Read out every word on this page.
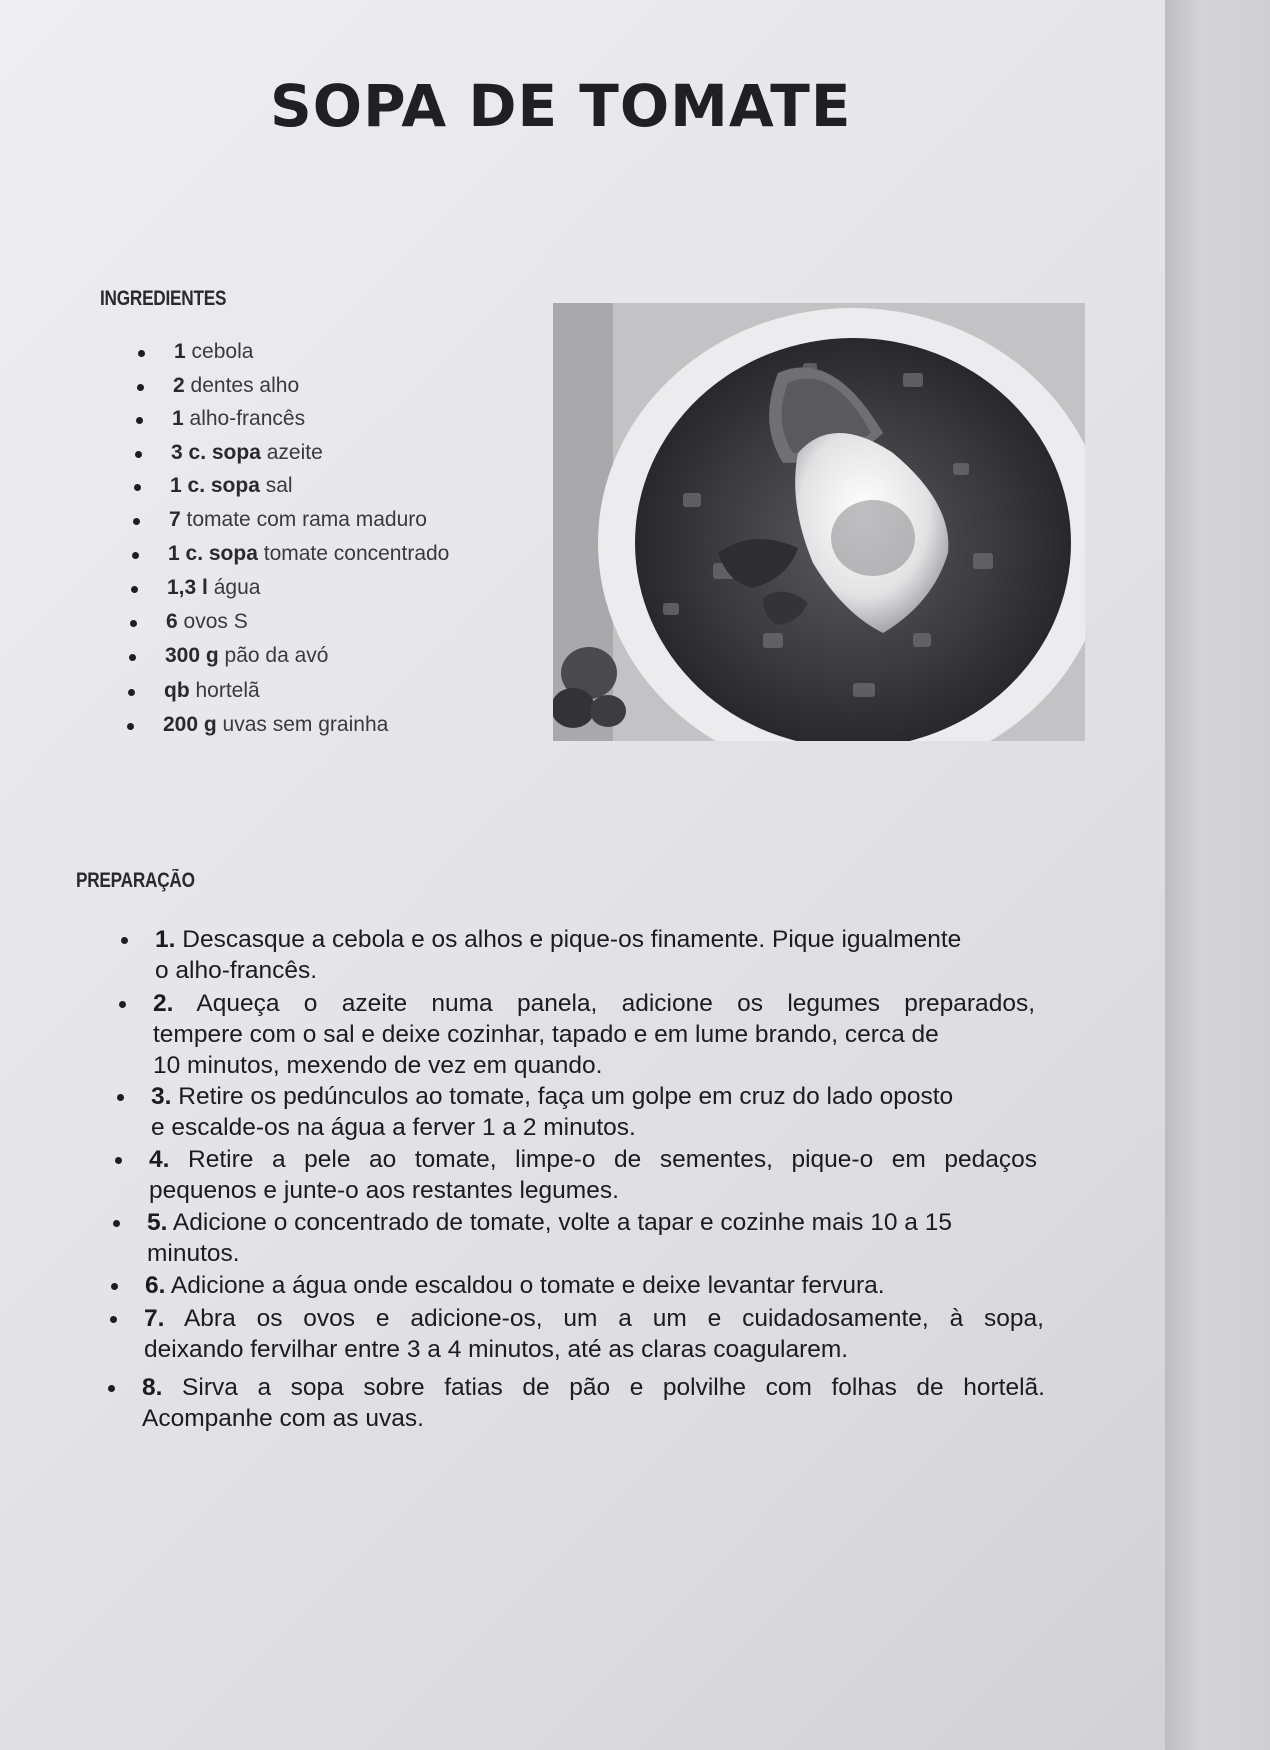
SOPA DE TOMATE
INGREDIENTES
1 cebola
2 dentes alho
1 alho-francês
3 c. sopa azeite
1 c. sopa sal
7 tomate com rama maduro
1 c. sopa tomate concentrado
1,3 l água
6 ovos S
300 g pão da avó
qb hortelã
200 g uvas sem grainha
PREPARAÇÃO
1. Descasque a cebola e os alhos e pique-os finamente. Pique igualmente
o alho-francês.
2. Aqueça o azeite numa panela, adicione os legumes preparados,
tempere com o sal e deixe cozinhar, tapado e em lume brando, cerca de
10 minutos, mexendo de vez em quando.
3. Retire os pedúnculos ao tomate, faça um golpe em cruz do lado oposto
e escalde-os na água a ferver 1 a 2 minutos.
4. Retire a pele ao tomate, limpe-o de sementes, pique-o em pedaços
pequenos e junte-o aos restantes legumes.
5. Adicione o concentrado de tomate, volte a tapar e cozinhe mais 10 a 15
minutos.
6. Adicione a água onde escaldou o tomate e deixe levantar fervura.
7. Abra os ovos e adicione-os, um a um e cuidadosamente, à sopa,
deixando fervilhar entre 3 a 4 minutos, até as claras coagularem.
8. Sirva a sopa sobre fatias de pão e polvilhe com folhas de hortelã.
Acompanhe com as uvas.
